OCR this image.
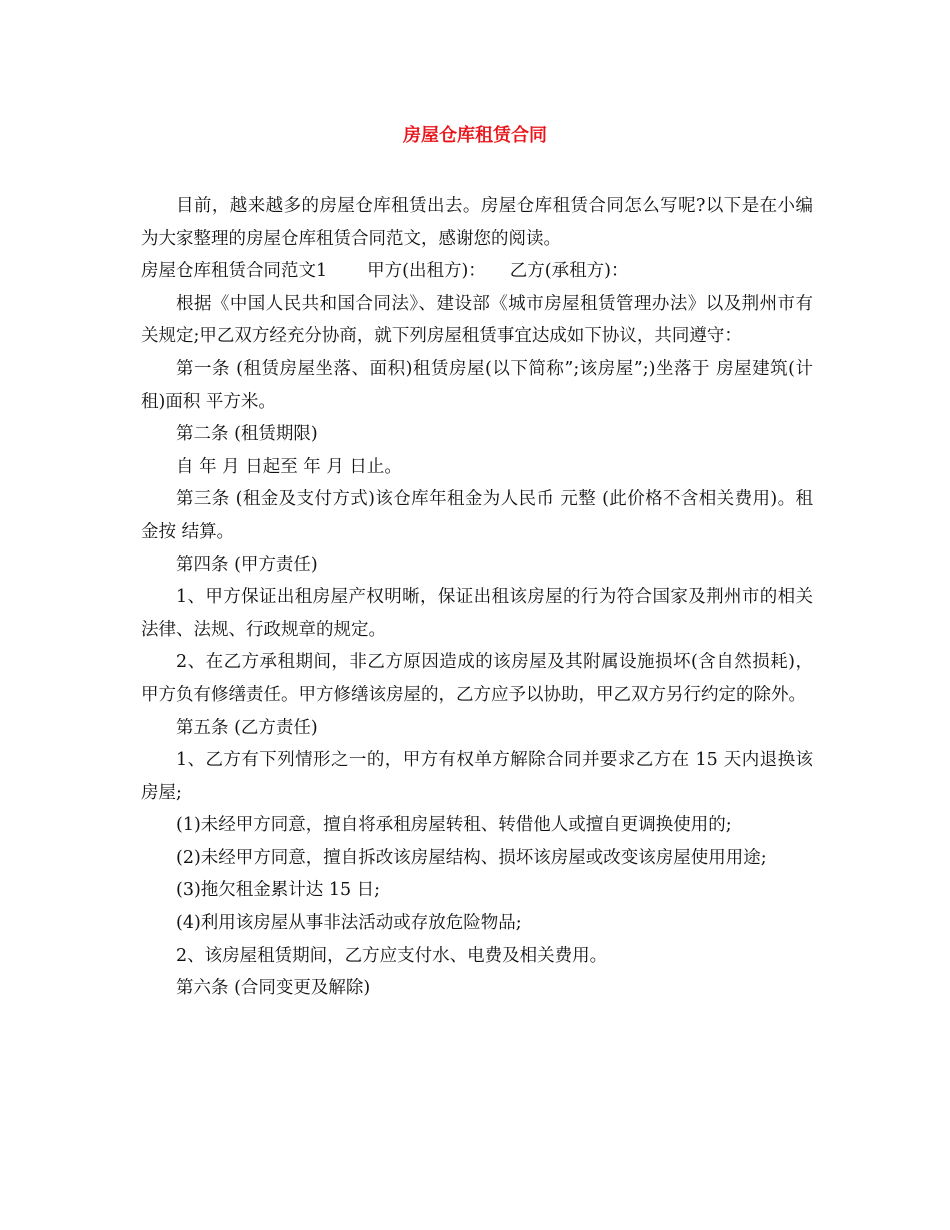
房屋仓库租赁合同

目前，越来越多的房屋仓库租赁出去。房屋仓库租赁合同怎么写呢?以下是在小编为大家整理的房屋仓库租赁合同范文，感谢您的阅读。

房屋仓库租赁合同范文1 甲方(出租方)： 乙方(承租方)：

根据《中国人民共和国合同法》、建设部《城市房屋租赁管理办法》以及荆州市有关规定;甲乙双方经充分协商，就下列房屋租赁事宜达成如下协议，共同遵守：

第一条 (租赁房屋坐落、面积)租赁房屋(以下简称”;该房屋”;)坐落于 房屋建筑(计租)面积 平方米。

第二条 (租赁期限)

自 年 月 日起至 年 月 日止。

第三条 (租金及支付方式)该仓库年租金为人民币 元整 (此价格不含相关费用)。租金按 结算。

第四条 (甲方责任)

1、甲方保证出租房屋产权明晰，保证出租该房屋的行为符合国家及荆州市的相关法律、法规、行政规章的规定。

2、在乙方承租期间，非乙方原因造成的该房屋及其附属设施损坏(含自然损耗)，甲方负有修缮责任。甲方修缮该房屋的，乙方应予以协助，甲乙双方另行约定的除外。

第五条 (乙方责任)

1、乙方有下列情形之一的，甲方有权单方解除合同并要求乙方在 15 天内退换该房屋;

(1)未经甲方同意，擅自将承租房屋转租、转借他人或擅自更调换使用的;

(2)未经甲方同意，擅自拆改该房屋结构、损坏该房屋或改变该房屋使用用途;

(3)拖欠租金累计达 15 日;

(4)利用该房屋从事非法活动或存放危险物品;

2、该房屋租赁期间，乙方应支付水、电费及相关费用。

第六条 (合同变更及解除)
